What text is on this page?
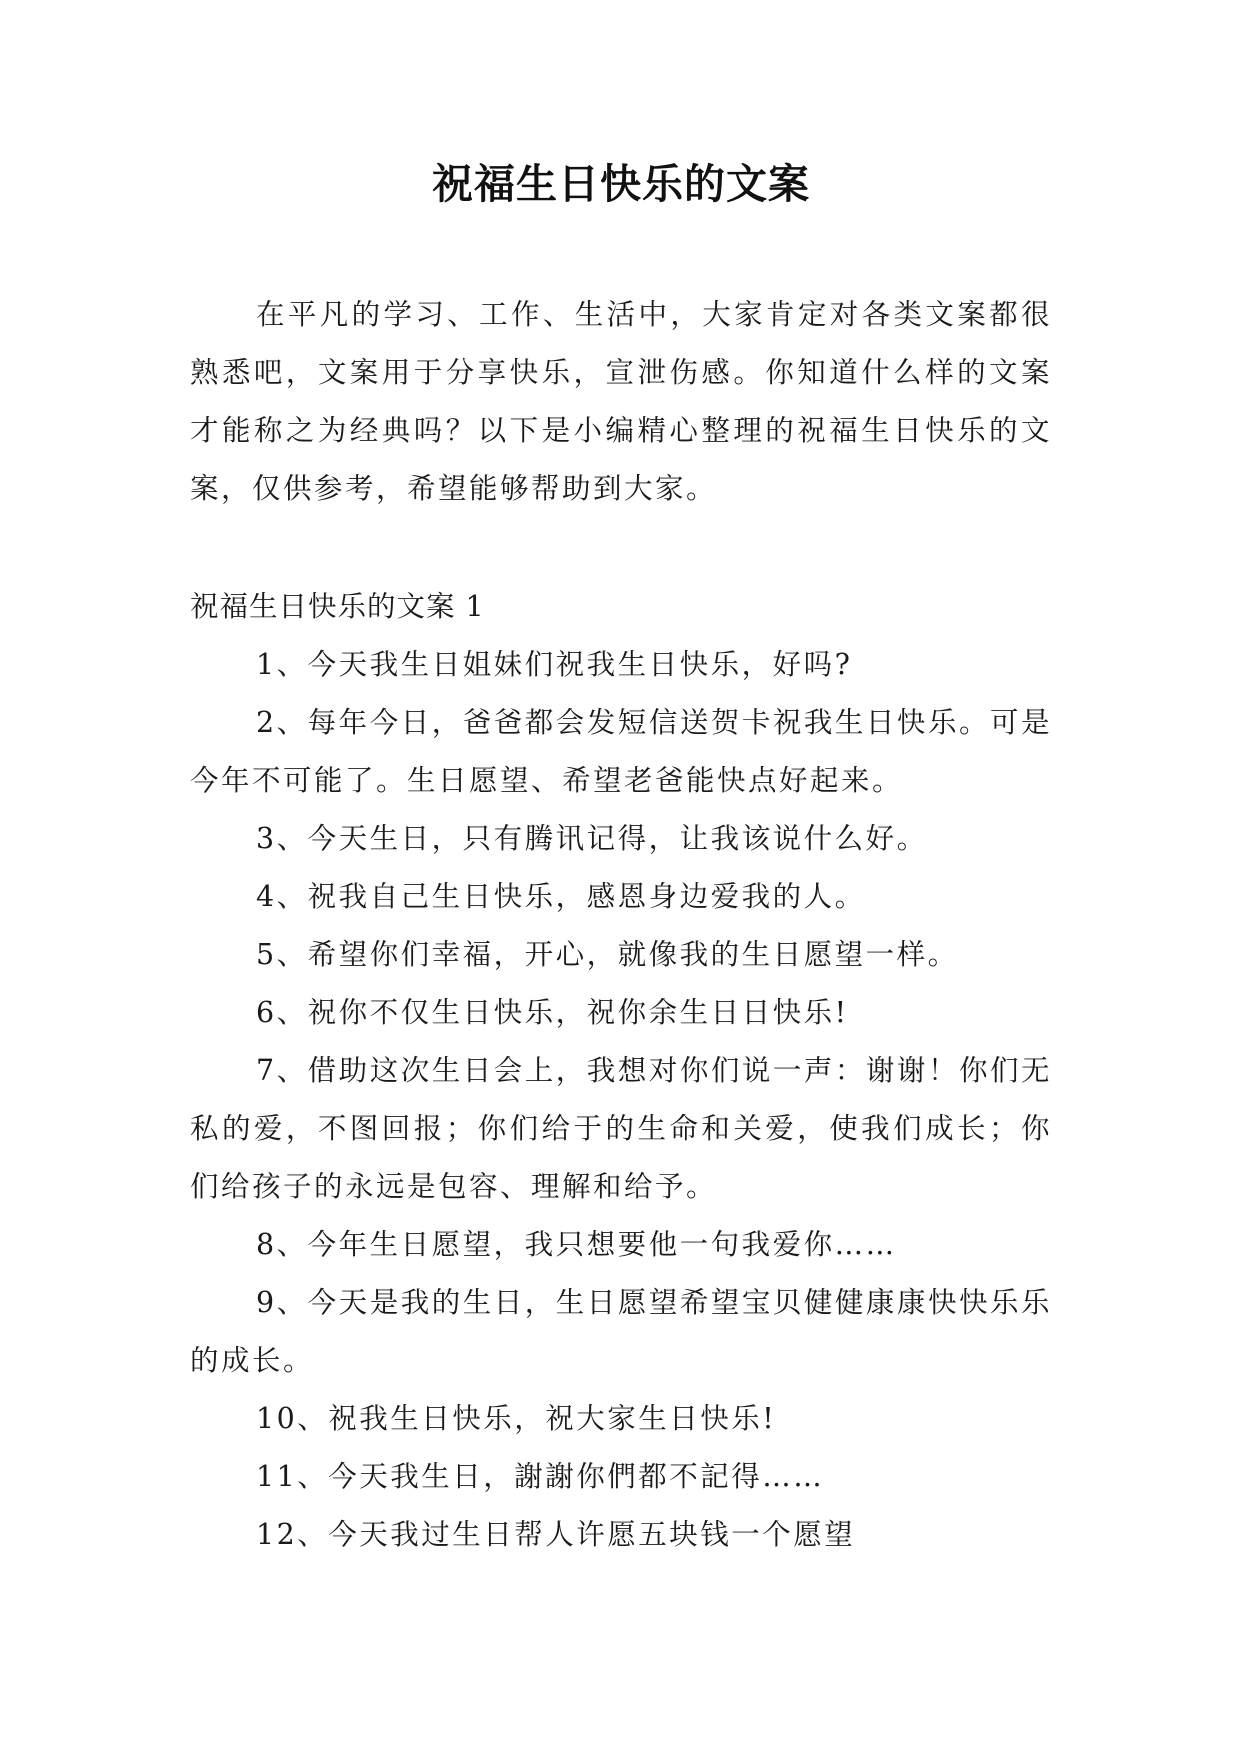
祝福生日快乐的文案

在平凡的学习、工作、生活中，大家肯定对各类文案都很熟悉吧，文案用于分享快乐，宣泄伤感。你知道什么样的文案才能称之为经典吗？以下是小编精心整理的祝福生日快乐的文案，仅供参考，希望能够帮助到大家。

祝福生日快乐的文案 1

1、今天我生日姐妹们祝我生日快乐，好吗?

2、每年今日，爸爸都会发短信送贺卡祝我生日快乐。可是今年不可能了。生日愿望、希望老爸能快点好起来。

3、今天生日，只有腾讯记得，让我该说什么好。

4、祝我自己生日快乐，感恩身边爱我的人。

5、希望你们幸福，开心，就像我的生日愿望一样。

6、祝你不仅生日快乐，祝你余生日日快乐!

7、借助这次生日会上，我想对你们说一声：谢谢！你们无私的爱，不图回报；你们给于的生命和关爱，使我们成长；你们给孩子的永远是包容、理解和给予。

8、今年生日愿望，我只想要他一句我爱你……

9、今天是我的生日，生日愿望希望宝贝健健康康快快乐乐的成长。

10、祝我生日快乐，祝大家生日快乐!

11、今天我生日，謝謝你們都不記得……

12、今天我过生日帮人许愿五块钱一个愿望
